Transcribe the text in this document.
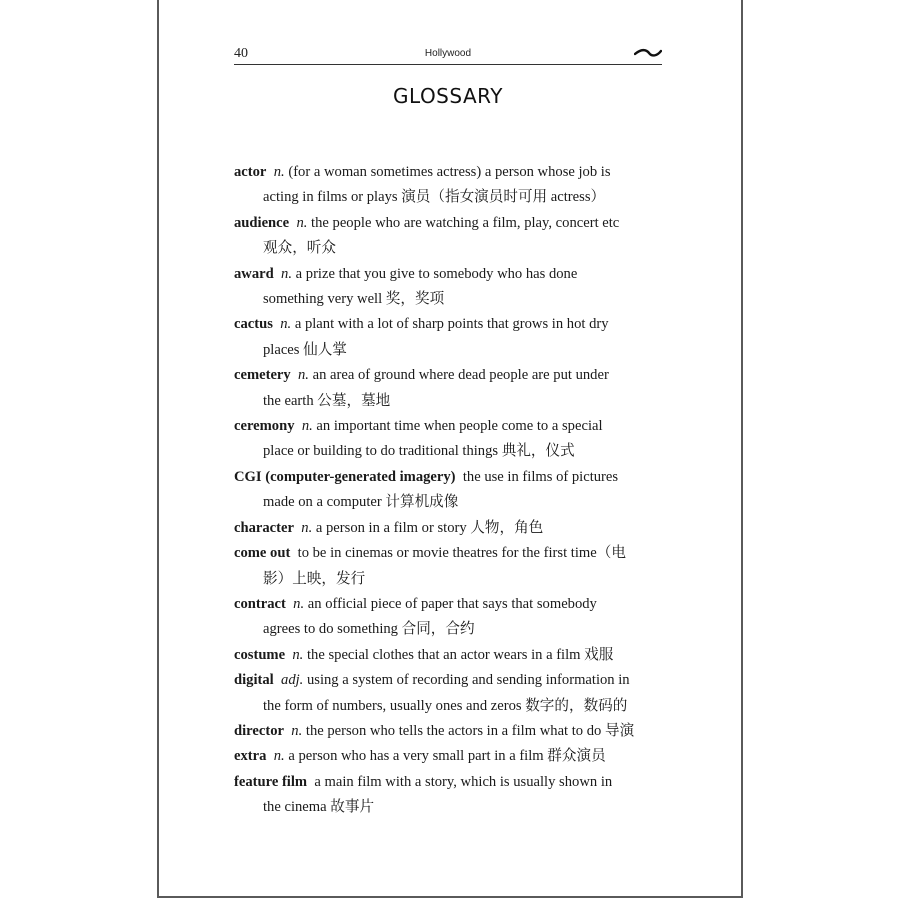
40	Hollywood
GLOSSARY

actor n. (for a woman sometimes actress) a person whose job is
acting in films or plays 演员（指女演员时可用 actress）

audience n. the people who are watching a film, play, concert etc
观众，听众

award n. a prize that you give to somebody who has done
something very well 奖，奖项

cactus n. a plant with a lot of sharp points that grows in hot dry
places 仙人掌

cemetery n. an area of ground where dead people are put under
the earth 公墓，墓地

ceremony n. an important time when people come to a special
place or building to do traditional things 典礼，仪式

CGI (computer-generated imagery) the use in films of pictures
made on a computer 计算机成像

character n. a person in a film or story 人物，角色

come out to be in cinemas or movie theatres for the first time（电
影）上映，发行

contract n. an official piece of paper that says that somebody
agrees to do something 合同，合约

costume n. the special clothes that an actor wears in a film 戏服

digital adj. using a system of recording and sending information in
the form of numbers, usually ones and zeros 数字的，数码的

director n. the person who tells the actors in a film what to do 导演

extra n. a person who has a very small part in a film 群众演员

feature film a main film with a story, which is usually shown in
the cinema 故事片
